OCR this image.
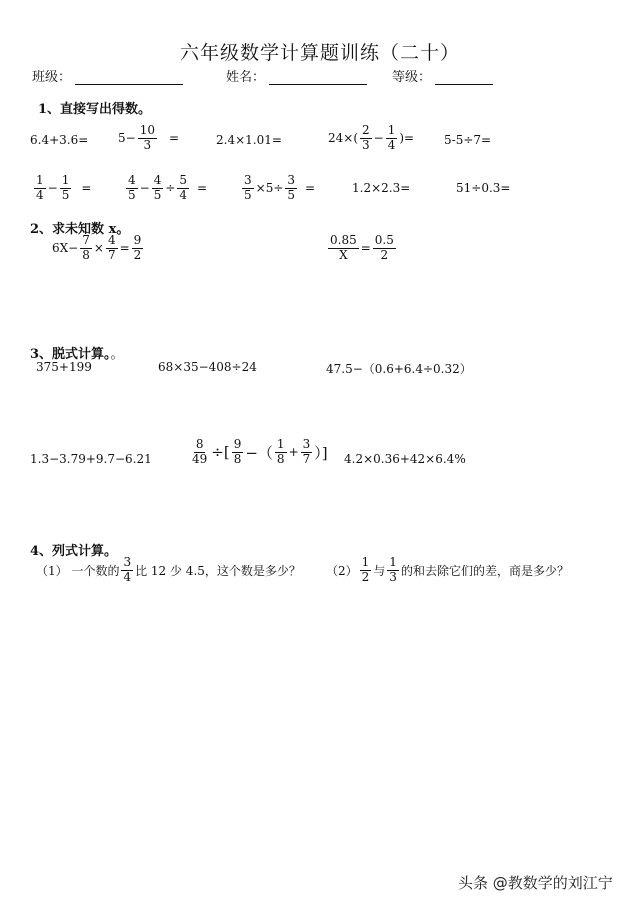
六年级数学计算题训练（二十）
班级：	姓名：	等级：
1、直接写出得数。
$6.4+3.6= 5- \frac{10}{3}$ =	2.4×1.01=	$24\times( \frac{2}{3} - \frac{1}{4}$ )= 5-5÷7=
$\frac{1}{4} - \frac{1}{5}$ =	$\frac{4}{5} - \frac{4}{5} \div \frac{5}{4}$ =	$\frac{3}{5} \times 5\div \frac{3}{5}$ =	1.2×2.3=	51÷0.3=
2、求未知数 x。
$6X- \frac{7}{8} \times \frac{4}{7} = \frac{9}{2}$	$\frac{0.85}{X} = \frac{0.5}{2}$
3、脱式计算。。
375+199	68×35−408÷24	47.5−（0.6+6.4÷0.32）
1.3−3.79+9.7−6.21	$\frac{8}{49}$ ÷[ $\frac{9}{8}$ −（ $\frac{1}{8} + \frac{3}{7}$ ）] 4.2×0.36+42×6.4%
4、列式计算。
（1） 一个数的 $\frac{3}{4}$ 比 12 少 4.5，这个数是多少？ $(2) \frac{1}{2}$ 与 $\frac{1}{3}$ 的和去除它们的差，商是多少？
头条 @教数学的刘江宁
